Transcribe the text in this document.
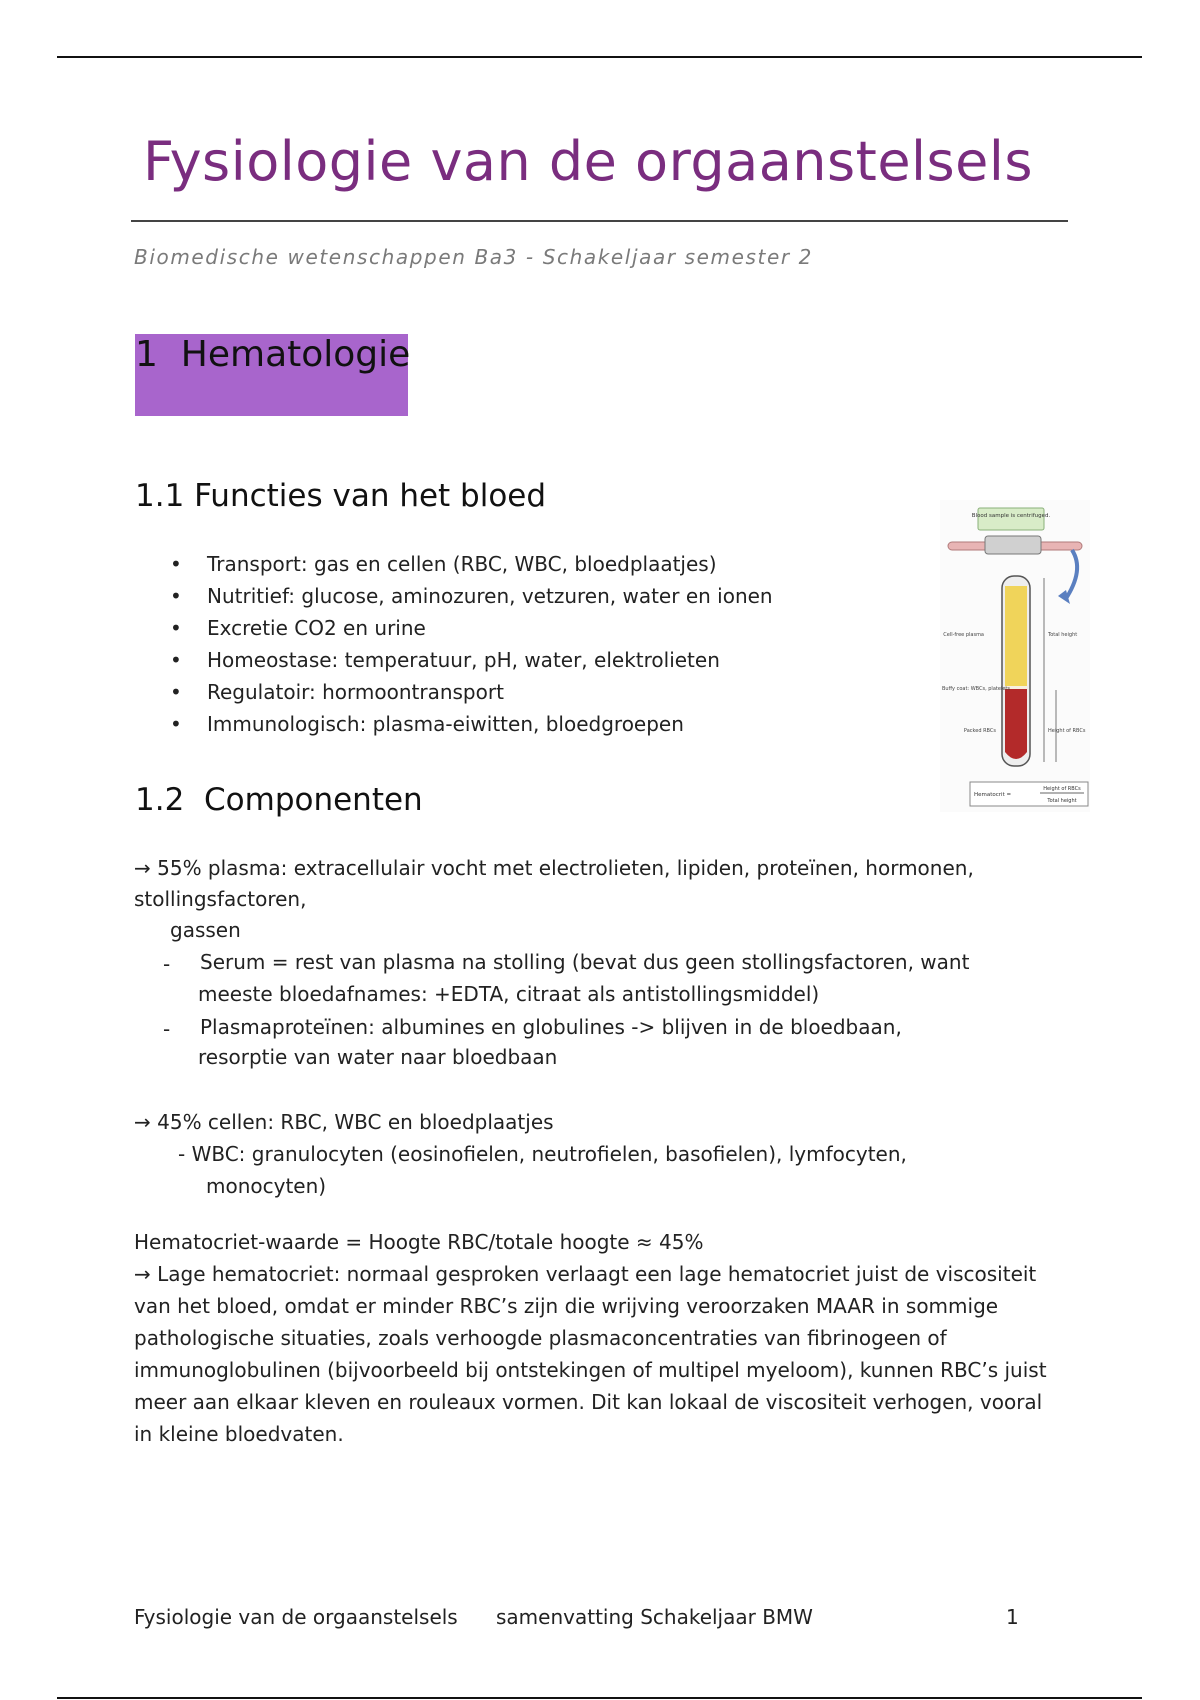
Fysiologie van de orgaanstelsels
Biomedische wetenschappen Ba3 - Schakeljaar semester 2
1  Hematologie
1.1 Functies van het bloed
• Transport: gas en cellen (RBC, WBC, bloedplaatjes)
• Nutritief: glucose, aminozuren, vetzuren, water en ionen
• Excretie CO2 en urine
• Homeostase: temperatuur, pH, water, elektrolieten
• Regulatoir: hormoontransport
• Immunologisch: plasma-eiwitten, bloedgroepen
Blood sample is centrifuged.
Cell-free plasma	Total height
Buffy coat: WBCs, platelets
Packed RBCs	Height of RBCs
Hematocrit =
Height of RBCs
Total height
1.2  Componenten
→ 55% plasma: extracellulair vocht met electrolieten, lipiden, proteïnen, hormonen,
stollingsfactoren,
gassen
- Serum = rest van plasma na stolling (bevat dus geen stollingsfactoren, want
meeste bloedafnames: +EDTA, citraat als antistollingsmiddel)
- Plasmaproteïnen: albumines en globulines -> blijven in de bloedbaan,
resorptie van water naar bloedbaan
→ 45% cellen: RBC, WBC en bloedplaatjes
- WBC: granulocyten (eosinofielen, neutrofielen, basofielen), lymfocyten,
monocyten)
Hematocriet-waarde = Hoogte RBC/totale hoogte ≈ 45%
→ Lage hematocriet: normaal gesproken verlaagt een lage hematocriet juist de viscositeit
van het bloed, omdat er minder RBC’s zijn die wrijving veroorzaken MAAR in sommige
pathologische situaties, zoals verhoogde plasmaconcentraties van fibrinogeen of
immunoglobulinen (bijvoorbeeld bij ontstekingen of multipel myeloom), kunnen RBC’s juist
meer aan elkaar kleven en rouleaux vormen. Dit kan lokaal de viscositeit verhogen, vooral
in kleine bloedvaten.
Fysiologie van de orgaanstelsels samenvatting Schakeljaar BMW	1
